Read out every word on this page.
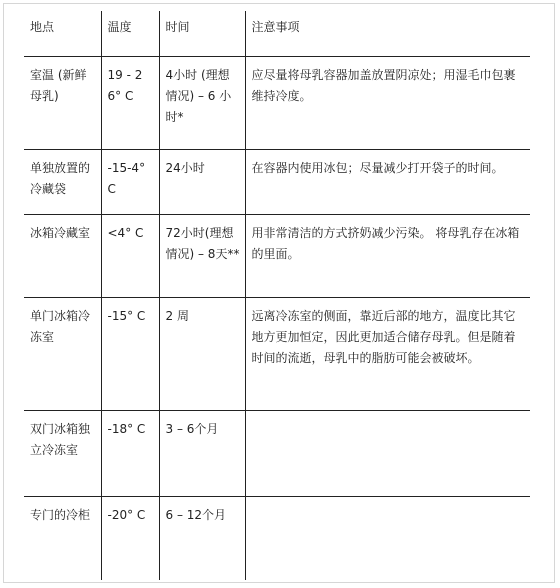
地点	温度	时间	注意事项
室温 (新鲜母乳)	19 - 26° C	4小时 (理想情况) – 6 小时*	应尽量将母乳容器加盖放置阴凉处；用湿毛巾包裹维持冷度。
单独放置的冷藏袋	-15-4° C	24小时	在容器内使用冰包；尽量减少打开袋子的时间。
冰箱冷藏室	<4° C	72小时(理想情况) – 8天**	用非常清洁的方式挤奶减少污染。 将母乳存在冰箱的里面。
单门冰箱冷冻室	-15° C	2 周	远离冷冻室的侧面，靠近后部的地方，温度比其它地方更加恒定，因此更加适合储存母乳。但是随着时间的流逝，母乳中的脂肪可能会被破坏。
双门冰箱独立冷冻室	-18° C	3 – 6个月	
专门的冷柜	-20° C	6 – 12个月	
